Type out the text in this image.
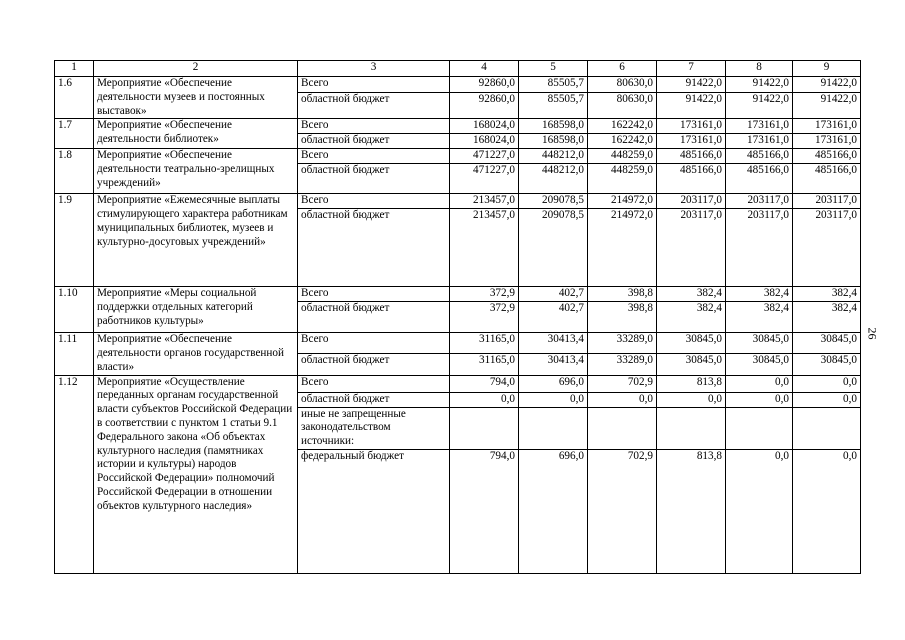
1	2	3	4	5	6	7	8	9
1.6	Мероприятие «Обеспечение деятельности музеев и постоянных выставок»	Всего	92860,0	85505,7	80630,0	91422,0	91422,0	91422,0
		областной бюджет	92860,0	85505,7	80630,0	91422,0	91422,0	91422,0
1.7	Мероприятие «Обеспечение деятельности библиотек»	Всего	168024,0	168598,0	162242,0	173161,0	173161,0	173161,0
		областной бюджет	168024,0	168598,0	162242,0	173161,0	173161,0	173161,0
1.8	Мероприятие «Обеспечение деятельности театрально-зрелищных учреждений»	Всего	471227,0	448212,0	448259,0	485166,0	485166,0	485166,0
		областной бюджет	471227,0	448212,0	448259,0	485166,0	485166,0	485166,0
1.9	Мероприятие «Ежемесячные выплаты стимулирующего характера работникам муниципальных библиотек, музеев и культурно-досуговых учреждений»	Всего	213457,0	209078,5	214972,0	203117,0	203117,0	203117,0
		областной бюджет	213457,0	209078,5	214972,0	203117,0	203117,0	203117,0
1.10	Мероприятие «Меры социальной поддержки отдельных категорий работников культуры»	Всего	372,9	402,7	398,8	382,4	382,4	382,4
		областной бюджет	372,9	402,7	398,8	382,4	382,4	382,4
1.11	Мероприятие «Обеспечение деятельности органов государственной власти»	Всего	31165,0	30413,4	33289,0	30845,0	30845,0	30845,0
		областной бюджет	31165,0	30413,4	33289,0	30845,0	30845,0	30845,0
1.12	Мероприятие «Осуществление переданных органам государственной власти субъектов Российской Федерации в соответствии с пунктом 1 статьи 9.1 Федерального закона «Об объектах культурного наследия (памятниках истории и культуры) народов Российской Федерации» полномочий Российской Федерации в отношении объектов культурного наследия»	Всего	794,0	696,0	702,9	813,8	0,0	0,0
		областной бюджет	0,0	0,0	0,0	0,0	0,0	0,0
		иные не запрещенные законодательством источники:						
		федеральный бюджет	794,0	696,0	702,9	813,8	0,0	0,0
26
